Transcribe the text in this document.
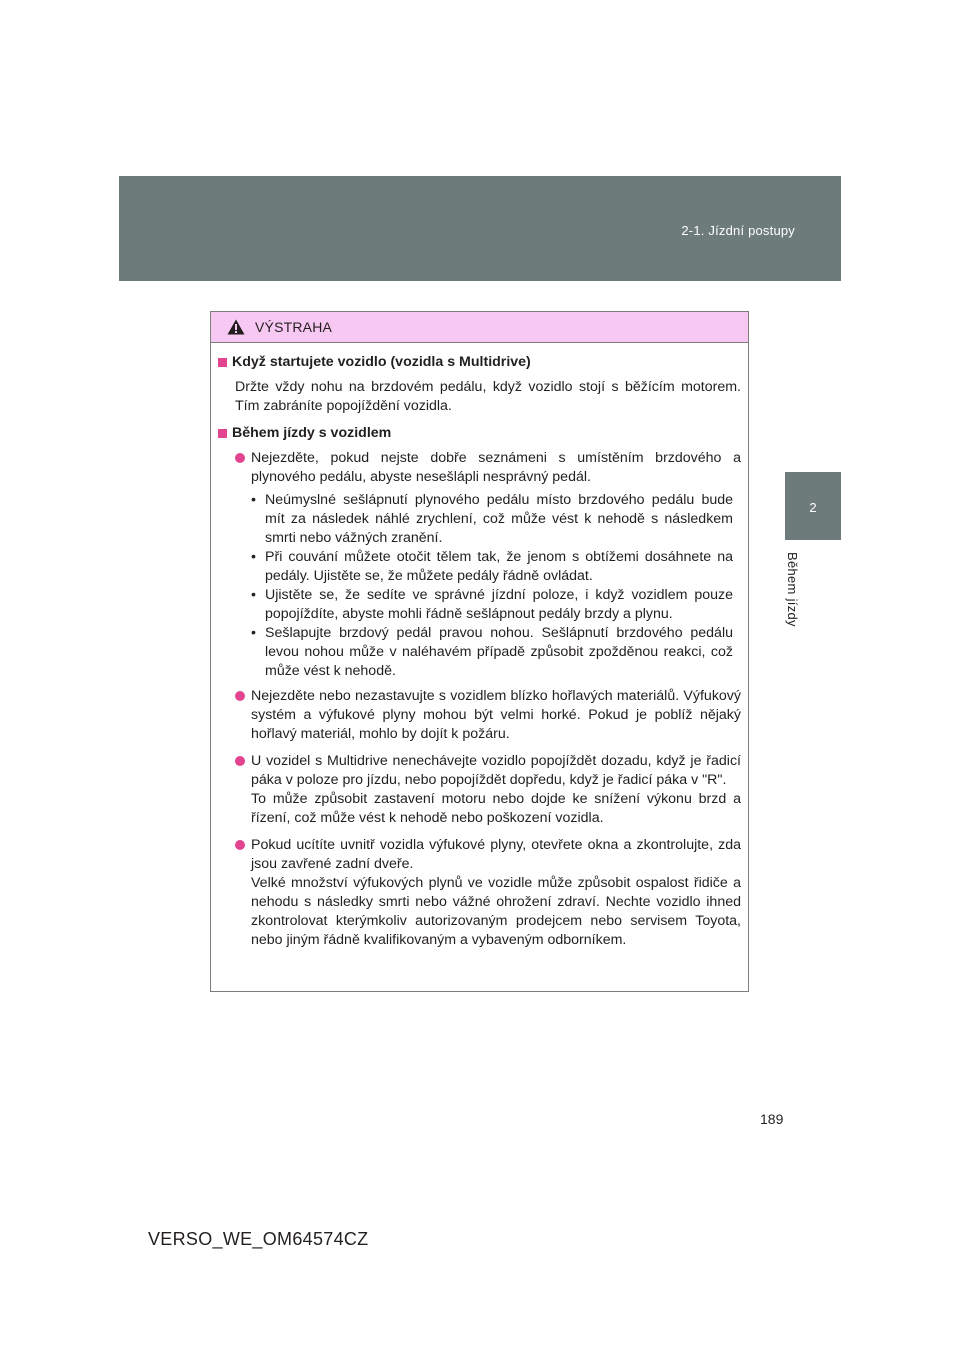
2-1. Jízdní postupy
2
Během jízdy
VÝSTRAHA
Když startujete vozidlo (vozidla s Multidrive)
Držte vždy nohu na brzdovém pedálu, když vozidlo stojí s běžícím motorem. Tím zabráníte popojíždění vozidla.
Během jízdy s vozidlem
Nejezděte, pokud nejste dobře seznámeni s umístěním brzdového a plynového pedálu, abyste nesešlápli nesprávný pedál.
• Neúmyslné sešlápnutí plynového pedálu místo brzdového pedálu bude mít za následek náhlé zrychlení, což může vést k nehodě s následkem smrti nebo vážných zranění.
• Při couvání můžete otočit tělem tak, že jenom s obtížemi dosáhnete na pedály. Ujistěte se, že můžete pedály řádně ovládat.
• Ujistěte se, že sedíte ve správné jízdní poloze, i když vozidlem pouze popojíždíte, abyste mohli řádně sešlápnout pedály brzdy a plynu.
• Sešlapujte brzdový pedál pravou nohou. Sešlápnutí brzdového pedálu levou nohou může v naléhavém případě způsobit zpožděnou reakci, což může vést k nehodě.
Nejezděte nebo nezastavujte s vozidlem blízko hořlavých materiálů. Výfukový systém a výfukové plyny mohou být velmi horké. Pokud je poblíž nějaký hořlavý materiál, mohlo by dojít k požáru.
U vozidel s Multidrive nenechávejte vozidlo popojíždět dozadu, když je řadicí páka v poloze pro jízdu, nebo popojíždět dopředu, když je řadicí páka v "R".
To může způsobit zastavení motoru nebo dojde ke snížení výkonu brzd a řízení, což může vést k nehodě nebo poškození vozidla.
Pokud ucítíte uvnitř vozidla výfukové plyny, otevřete okna a zkontrolujte, zda jsou zavřené zadní dveře.
Velké množství výfukových plynů ve vozidle může způsobit ospalost řidiče a nehodu s následky smrti nebo vážné ohrožení zdraví. Nechte vozidlo ihned zkontrolovat kterýmkoliv autorizovaným prodejcem nebo servisem Toyota, nebo jiným řádně kvalifikovaným a vybaveným odborníkem.
189
VERSO_WE_OM64574CZ
